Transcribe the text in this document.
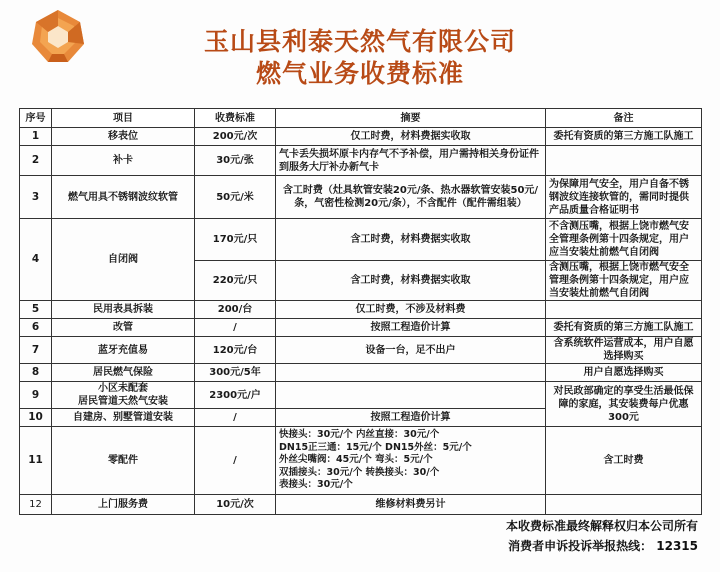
玉山县利泰天然气有限公司
燃气业务收费标准
序号	项目	收费标准	摘要	备注
1	移表位	200元/次	仅工时费，材料费据实收取	委托有资质的第三方施工队施工
2	补卡	30元/张	气卡丢失损坏原卡内存气不予补偿，用户需持相关身份证件到服务大厅补办新气卡	
3	燃气用具不锈钢波纹软管	50元/米	含工时费（灶具软管安装20元/条、热水器软管安装50元/条，气密性检测20元/条），不含配件（配件需组装）	为保障用气安全，用户自备不锈钢波纹连接软管的，需同时提供产品质量合格证明书
4	自闭阀	170元/只	含工时费，材料费据实收取	不含测压嘴，根据上饶市燃气安全管理条例第十四条规定，用户应当安装灶前燃气自闭阀
		220元/只	含工时费，材料费据实收取	含测压嘴，根据上饶市燃气安全管理条例第十四条规定，用户应当安装灶前燃气自闭阀
5	民用表具拆装	200/台	仅工时费，不涉及材料费	
6	改管	/	按照工程造价计算	委托有资质的第三方施工队施工
7	蓝牙充值易	120元/台	设备一台，足不出户	含系统软件运营成本，用户自愿选择购买
8	居民燃气保险	300元/5年		用户自愿选择购买
9	小区未配套
居民管道天然气安装	2300元/户		对民政部确定的享受生活最低保障的家庭，其安装费每户优惠300元
10	自建房、别墅管道安装	/	按照工程造价计算	
11	零配件	/	快接头：30元/个 内丝直接：30元/个
DN15正三通：15元/个 DN15外丝：5元/个
外丝尖嘴阀：45元/个 弯头：5元/个
双插接头：30元/个 转换接头：30/个
表接头：30元/个	含工时费
12	上门服务费	10元/次	维修材料费另计	
本收费标准最终解释权归本公司所有
消费者申诉投诉举报热线： 12315
